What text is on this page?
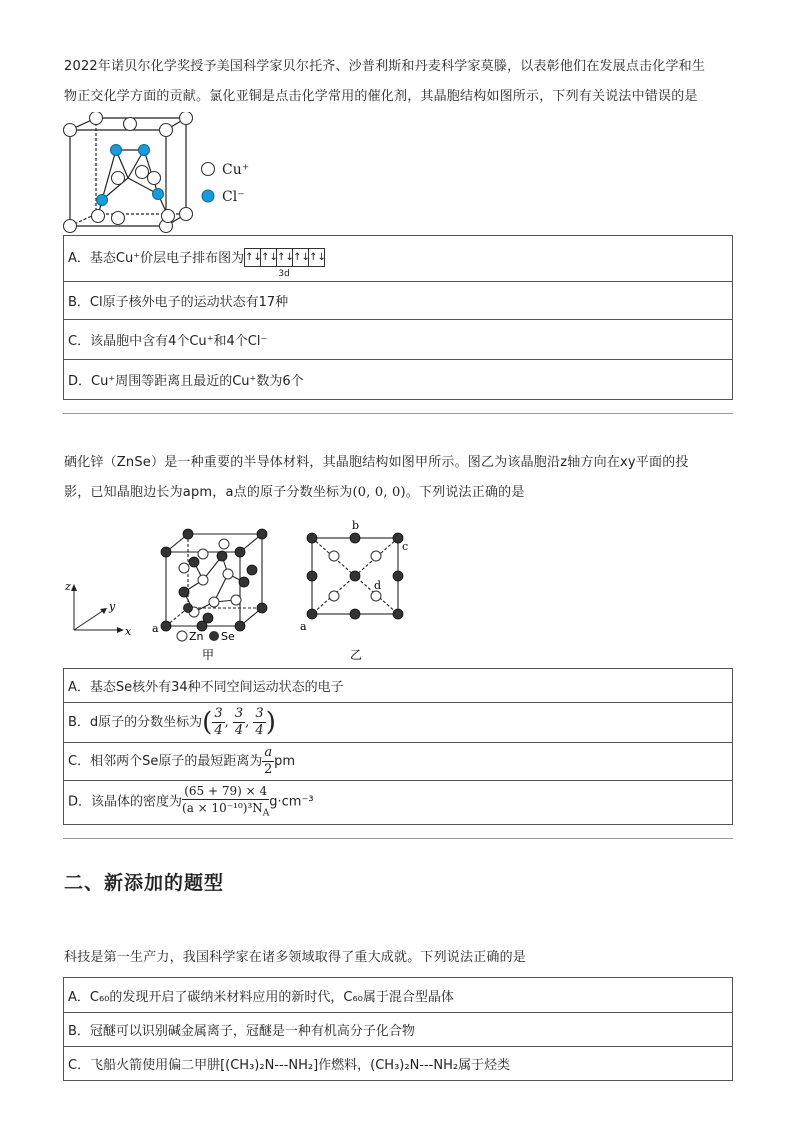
2022年诺贝尔化学奖授予美国科学家贝尔托齐、沙普利斯和丹麦科学家莫滕，以表彰他们在发展点击化学和生
物正交化学方面的贡献。氯化亚铜是点击化学常用的催化剂，其晶胞结构如图所示，下列有关说法中错误的是
Cu⁺
Cl⁻
A．基态Cu⁺价层电子排布图为 ↑↓↑↓↑↓↑↓↑↓
3d

B．Cl原子核外电子的运动状态有17种
C．该晶胞中含有4个Cu⁺和4个Cl⁻
D．Cu⁺周围等距离且最近的Cu⁺数为6个
硒化锌（ZnSe）是一种重要的半导体材料，其晶胞结构如图甲所示。图乙为该晶胞沿z轴方向在xy平面的投
影，已知晶胞边长为apm，a点的原子分数坐标为(0, 0, 0)。下列说法正确的是
z
y
x a
Zn Se
甲
b
c
d
a
乙
A．基态Se核外有34种不同空间运动状态的电子
B．d原子的分数坐标为( $\frac{3}{4}$ , $\frac{3}{4}$ , $\frac{3}{4}$ )
C．相邻两个Se原子的最短距离为 $\frac{a}{2}$ pm
D．该晶体的密度为 $\frac{(65 + 79) \times 4}{(a \times 10^{-10})^3N_A} g\cdot cm^{-3}$
二、新添加的题型
科技是第一生产力，我国科学家在诸多领域取得了重大成就。下列说法正确的是
A．C₆₀的发现开启了碳纳米材料应用的新时代，C₆₀属于混合型晶体
B．冠醚可以识别碱金属离子，冠醚是一种有机高分子化合物
C．飞船火箭使用偏二甲肼[(CH₃)₂N---NH₂]作燃料，(CH₃)₂N---NH₂属于烃类
